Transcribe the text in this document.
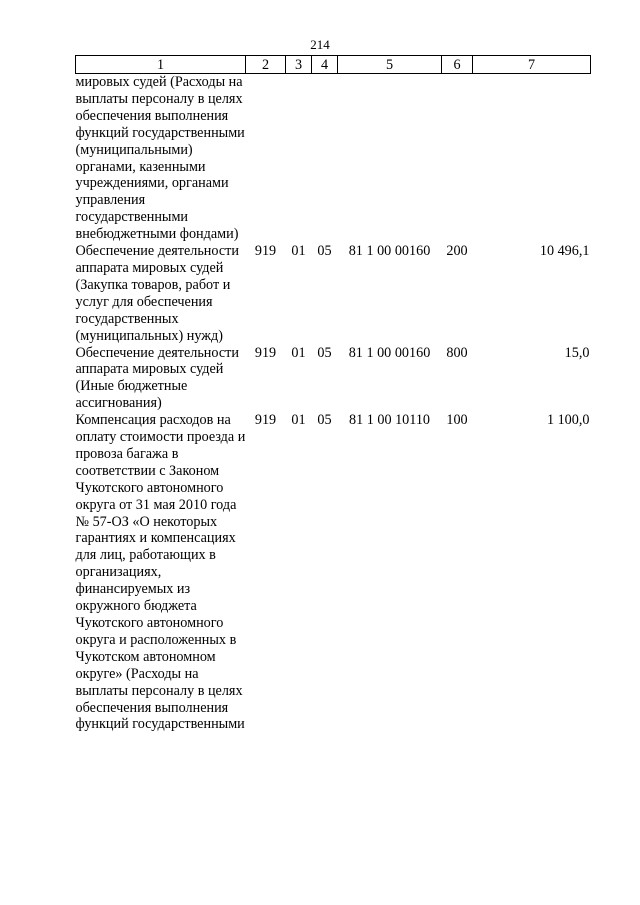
214
1	2	3	4	5	6	7
мировых судей (Расходы на выплаты персоналу в целях обеспечения выполнения функций государственными (муниципальными) органами, казенными учреждениями, органами управления государственными внебюджетными фондами)						
Обеспечение деятельности аппарата мировых судей (Закупка товаров, работ и услуг для обеспечения государственных (муниципальных) нужд)	919	01	05	81 1 00 00160	200	10 496,1
Обеспечение деятельности аппарата мировых судей (Иные бюджетные ассигнования)	919	01	05	81 1 00 00160	800	15,0
Компенсация расходов на оплату стоимости проезда и провоза багажа в соответствии с Законом Чукотского автономного округа от 31 мая 2010 года № 57-ОЗ «О некоторых гарантиях и компенсациях для лиц, работающих в организациях, финансируемых из окружного бюджета Чукотского автономного округа и расположенных в Чукотском автономном округе» (Расходы на выплаты персоналу в целях обеспечения выполнения функций государственными	919	01	05	81 1 00 10110	100	1 100,0
